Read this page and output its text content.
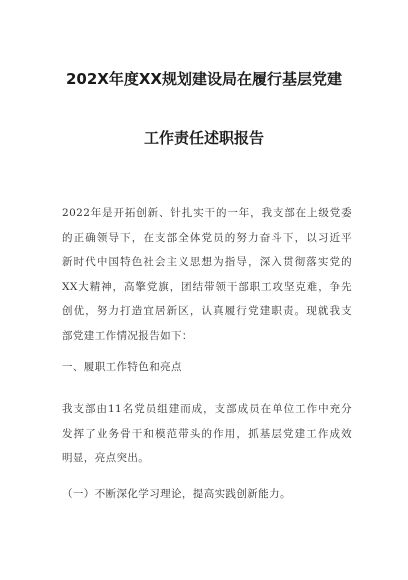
202X年度XX规划建设局在履行基层党建
工作责任述职报告
2022年是开拓创新、针扎实干的一年，我支部在上级党委
的正确领导下，在支部全体党员的努力奋斗下，以习近平
新时代中国特色社会主义思想为指导，深入贯彻落实党的
XX大精神，高擎党旗，团结带领干部职工攻坚克难，争先
创优，努力打造宜居新区，认真履行党建职责。现就我支
部党建工作情况报告如下：
一、履职工作特色和亮点
我支部由11名党员组建而成，支部成员在单位工作中充分
发挥了业务骨干和模范带头的作用，抓基层党建工作成效
明显，亮点突出。
（一）不断深化学习理论，提高实践创新能力。
